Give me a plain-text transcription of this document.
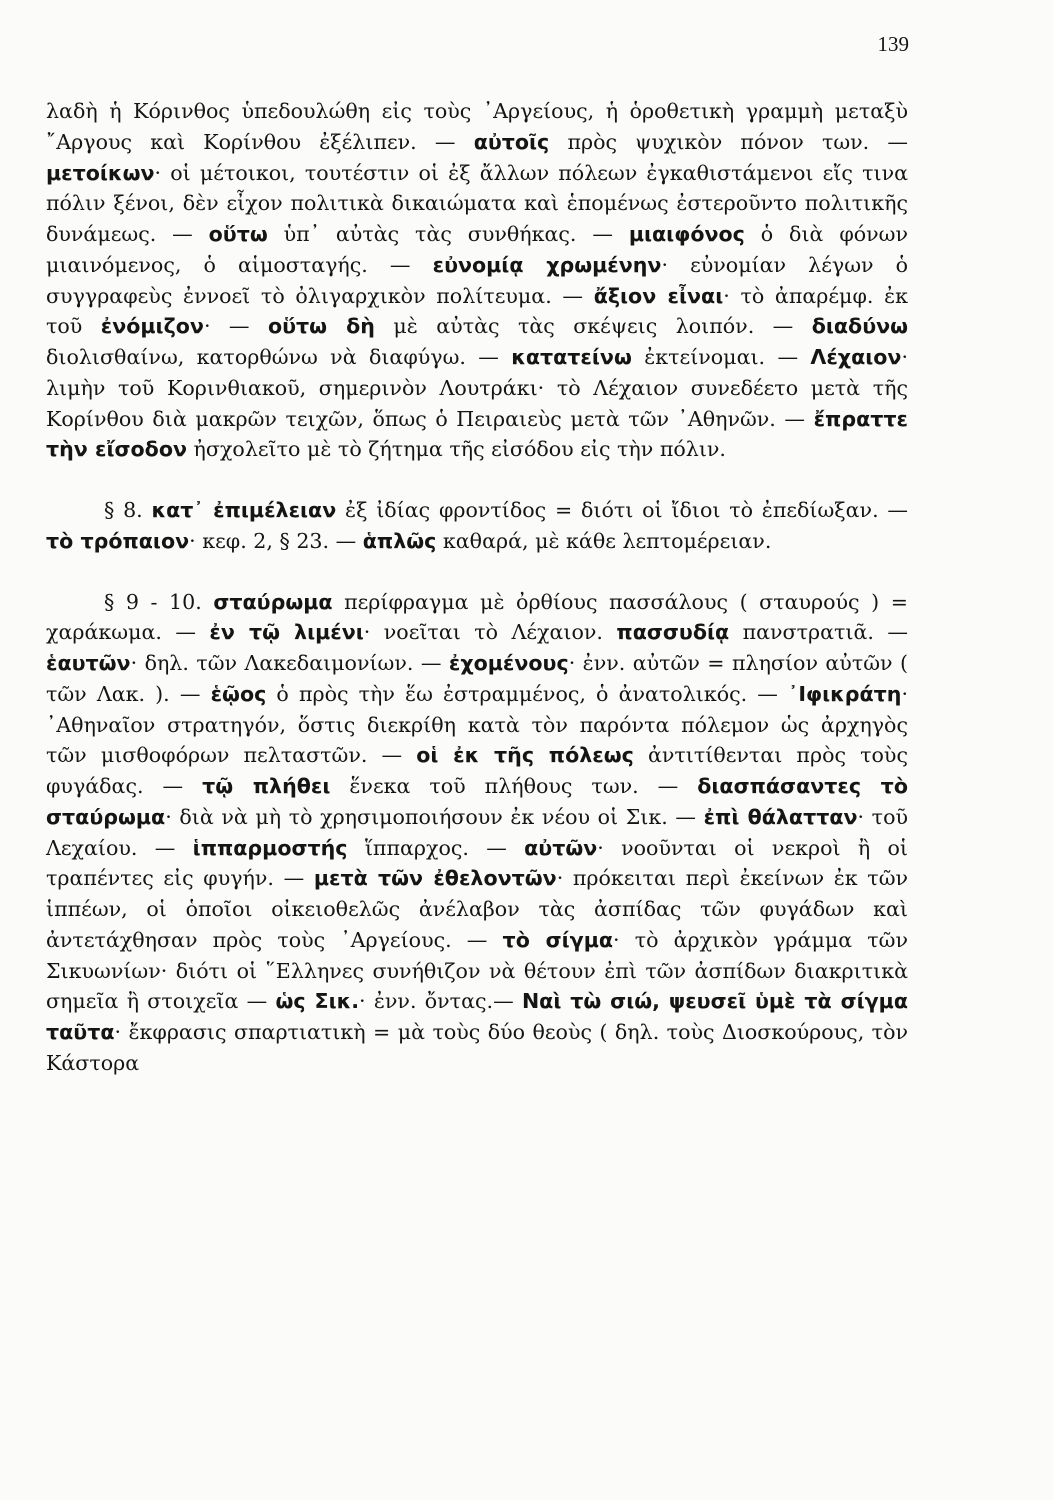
139

λαδὴ ἡ Κόρινθος ὑπεδουλώθη εἰς τοὺς ᾿Αργείους, ἡ ὁροθετικὴ γραμμὴ μεταξὺ ῎Αργους καὶ Κορίνθου ἐξέλιπεν. — αὐτοῖς πρὸς ψυχικὸν πόνον των. — μετοίκων· οἱ μέτοικοι, τουτέστιν οἱ ἐξ ἄλλων πόλεων ἐγκαθιστάμενοι εἴς τινα πόλιν ξένοι, δὲν εἶχον πολιτικὰ δικαιώματα καὶ ἑπομένως ἐστεροῦντο πολιτικῆς δυνάμεως. — οὕτω ὑπ᾿ αὐτὰς τὰς συνθήκας. — μιαιφόνος ὁ διὰ φόνων μιαινόμενος, ὁ αἱμοσταγής. — εὐνομίᾳ χρωμένην· εὐνομίαν λέγων ὁ συγγραφεὺς ἐννοεῖ τὸ ὀλιγαρχικὸν πολίτευμα. — ἄξιον εἶναι· τὸ ἀπαρέμφ. ἐκ τοῦ ἐνόμιζον· — οὕτω δὴ μὲ αὐτὰς τὰς σκέψεις λοιπόν. — διαδύνω διολισθαίνω, κατορθώνω νὰ διαφύγω. — κατατείνω ἐκτείνομαι. — Λέχαιον· λιμὴν τοῦ Κορινθιακοῦ, σημερινὸν Λουτράκι· τὸ Λέχαιον συνεδέετο μετὰ τῆς Κορίνθου διὰ μακρῶν τειχῶν, ὅπως ὁ Πειραιεὺς μετὰ τῶν ᾿Αθηνῶν. — ἔπραττε τὴν εἴσοδον ἠσχολεῖτο μὲ τὸ ζήτημα τῆς εἰσόδου εἰς τὴν πόλιν.

§ 8. κατ᾿ ἐπιμέλειαν ἐξ ἰδίας φροντίδος = διότι οἱ ἴδιοι τὸ ἐπεδίωξαν. — τὸ τρόπαιον· κεφ. 2, § 23. — ἁπλῶς καθαρά, μὲ κάθε λεπτομέρειαν.

§ 9 - 10. σταύρωμα περίφραγμα μὲ ὀρθίους πασσάλους ( σταυρούς ) = χαράκωμα. — ἐν τῷ λιμένι· νοεῖται τὸ Λέχαιον. πασσυδίᾳ πανστρατιᾶ. — ἑαυτῶν· δηλ. τῶν Λακεδαιμονίων. — ἐχομένους· ἐνν. αὐτῶν = πλησίον αὐτῶν ( τῶν Λακ. ). — ἑῷος ὁ πρὸς τὴν ἕω ἐστραμμένος, ὁ ἀνατολικός. — ᾿Ιφικράτη· ᾿Αθηναῖον στρατηγόν, ὅστις διεκρίθη κατὰ τὸν παρόντα πόλεμον ὡς ἀρχηγὸς τῶν μισθοφόρων πελταστῶν. — οἱ ἐκ τῆς πόλεως ἀντιτίθενται πρὸς τοὺς φυγάδας. — τῷ πλήθει ἕνεκα τοῦ πλήθους των. — διασπάσαντες τὸ σταύρωμα· διὰ νὰ μὴ τὸ χρησιμοποιήσουν ἐκ νέου οἱ Σικ. — ἐπὶ θάλατταν· τοῦ Λεχαίου. — ἱππαρμοστής ἵππαρχος. — αὐτῶν· νοοῦνται οἱ νεκροὶ ἢ οἱ τραπέντες εἰς φυγήν. — μετὰ τῶν ἐθελοντῶν· πρόκειται περὶ ἐκείνων ἐκ τῶν ἱππέων, οἱ ὁποῖοι οἰκειοθελῶς ἀνέλαβον τὰς ἀσπίδας τῶν φυγάδων καὶ ἀντετάχθησαν πρὸς τοὺς ᾿Αργείους. — τὸ σίγμα· τὸ ἀρχικὸν γράμμα τῶν Σικυωνίων· διότι οἱ ῞Ελληνες συνήθιζον νὰ θέτουν ἐπὶ τῶν ἀσπίδων διακριτικὰ σημεῖα ἢ στοιχεῖα — ὡς Σικ.· ἐνν. ὄντας.— Ναὶ τὼ σιώ, ψευσεῖ ὑμὲ τὰ σίγμα ταῦτα· ἔκφρασις σπαρτιατικὴ = μὰ τοὺς δύο θεοὺς ( δηλ. τοὺς Διοσκούρους, τὸν Κάστορα
